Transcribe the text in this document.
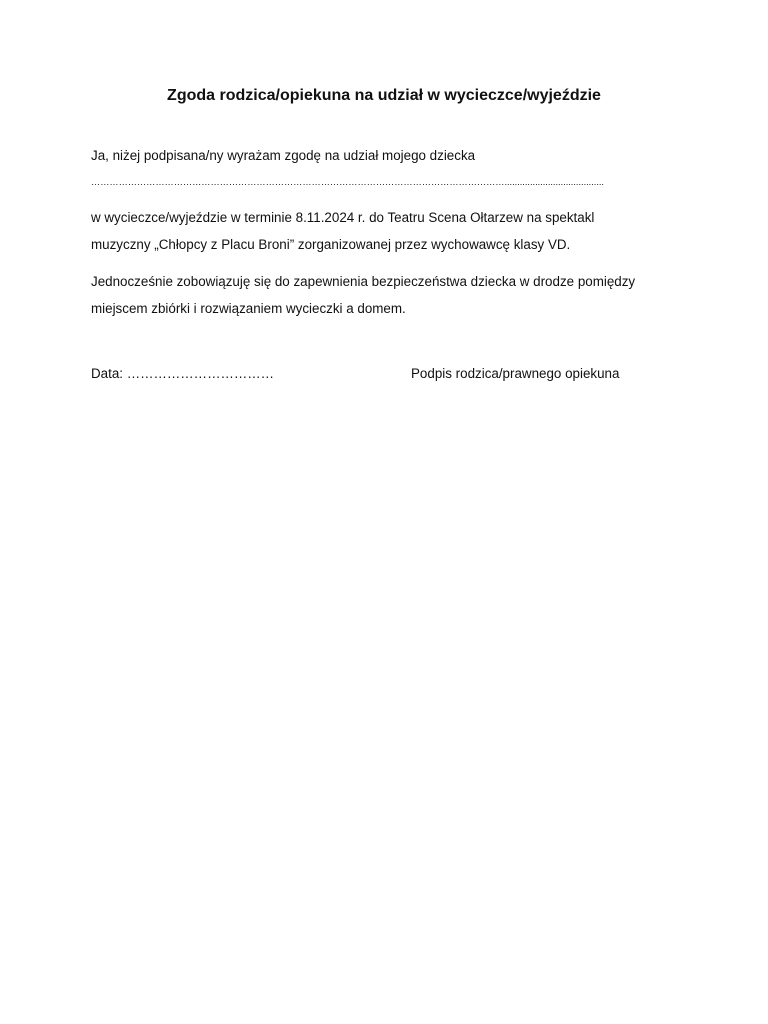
Zgoda rodzica/opiekuna na udział w wycieczce/wyjeździe
Ja, niżej podpisana/ny wyrażam zgodę na udział mojego dziecka
……………………………………………………………………………………………………………………….......................................
w wycieczce/wyjeździe w terminie 8.11.2024 r. do Teatru Scena Ołtarzew na spektakl
muzyczny „Chłopcy z Placu Broni” zorganizowanej przez wychowawcę klasy VD.
Jednocześnie zobowiązuję się do zapewnienia bezpieczeństwa dziecka w drodze pomiędzy
miejscem zbiórki i rozwiązaniem wycieczki a domem.
Data: ……………………………	Podpis rodzica/prawnego opiekuna
